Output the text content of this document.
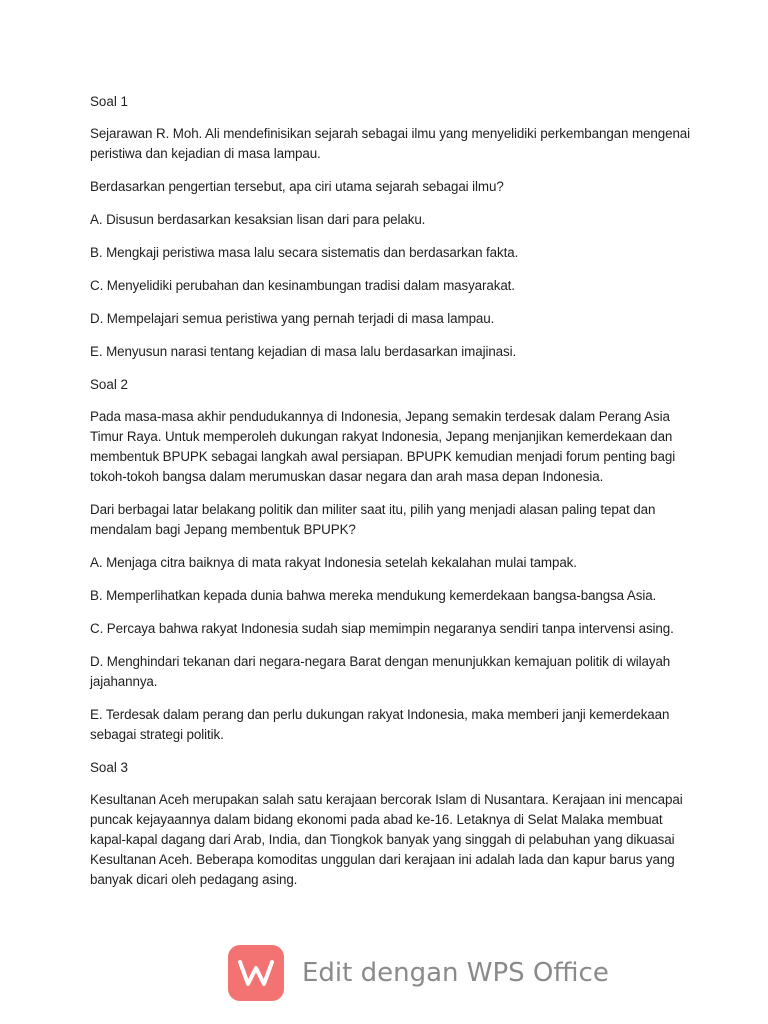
Soal 1

Sejarawan R. Moh. Ali mendefinisikan sejarah sebagai ilmu yang menyelidiki perkembangan mengenai peristiwa dan kejadian di masa lampau.

Berdasarkan pengertian tersebut, apa ciri utama sejarah sebagai ilmu?

A. Disusun berdasarkan kesaksian lisan dari para pelaku.

B. Mengkaji peristiwa masa lalu secara sistematis dan berdasarkan fakta.

C. Menyelidiki perubahan dan kesinambungan tradisi dalam masyarakat.

D. Mempelajari semua peristiwa yang pernah terjadi di masa lampau.

E. Menyusun narasi tentang kejadian di masa lalu berdasarkan imajinasi.

Soal 2

Pada masa-masa akhir pendudukannya di Indonesia, Jepang semakin terdesak dalam Perang Asia Timur Raya. Untuk memperoleh dukungan rakyat Indonesia, Jepang menjanjikan kemerdekaan dan membentuk BPUPK sebagai langkah awal persiapan. BPUPK kemudian menjadi forum penting bagi tokoh-tokoh bangsa dalam merumuskan dasar negara dan arah masa depan Indonesia.

Dari berbagai latar belakang politik dan militer saat itu, pilih yang menjadi alasan paling tepat dan mendalam bagi Jepang membentuk BPUPK?

A. Menjaga citra baiknya di mata rakyat Indonesia setelah kekalahan mulai tampak.

B. Memperlihatkan kepada dunia bahwa mereka mendukung kemerdekaan bangsa-bangsa Asia.

C. Percaya bahwa rakyat Indonesia sudah siap memimpin negaranya sendiri tanpa intervensi asing.

D. Menghindari tekanan dari negara-negara Barat dengan menunjukkan kemajuan politik di wilayah jajahannya.

E. Terdesak dalam perang dan perlu dukungan rakyat Indonesia, maka memberi janji kemerdekaan sebagai strategi politik.

Soal 3

Kesultanan Aceh merupakan salah satu kerajaan bercorak Islam di Nusantara. Kerajaan ini mencapai puncak kejayaannya dalam bidang ekonomi pada abad ke-16. Letaknya di Selat Malaka membuat kapal-kapal dagang dari Arab, India, dan Tiongkok banyak yang singgah di pelabuhan yang dikuasai Kesultanan Aceh. Beberapa komoditas unggulan dari kerajaan ini adalah lada dan kapur barus yang banyak dicari oleh pedagang asing.

Edit dengan WPS Office
